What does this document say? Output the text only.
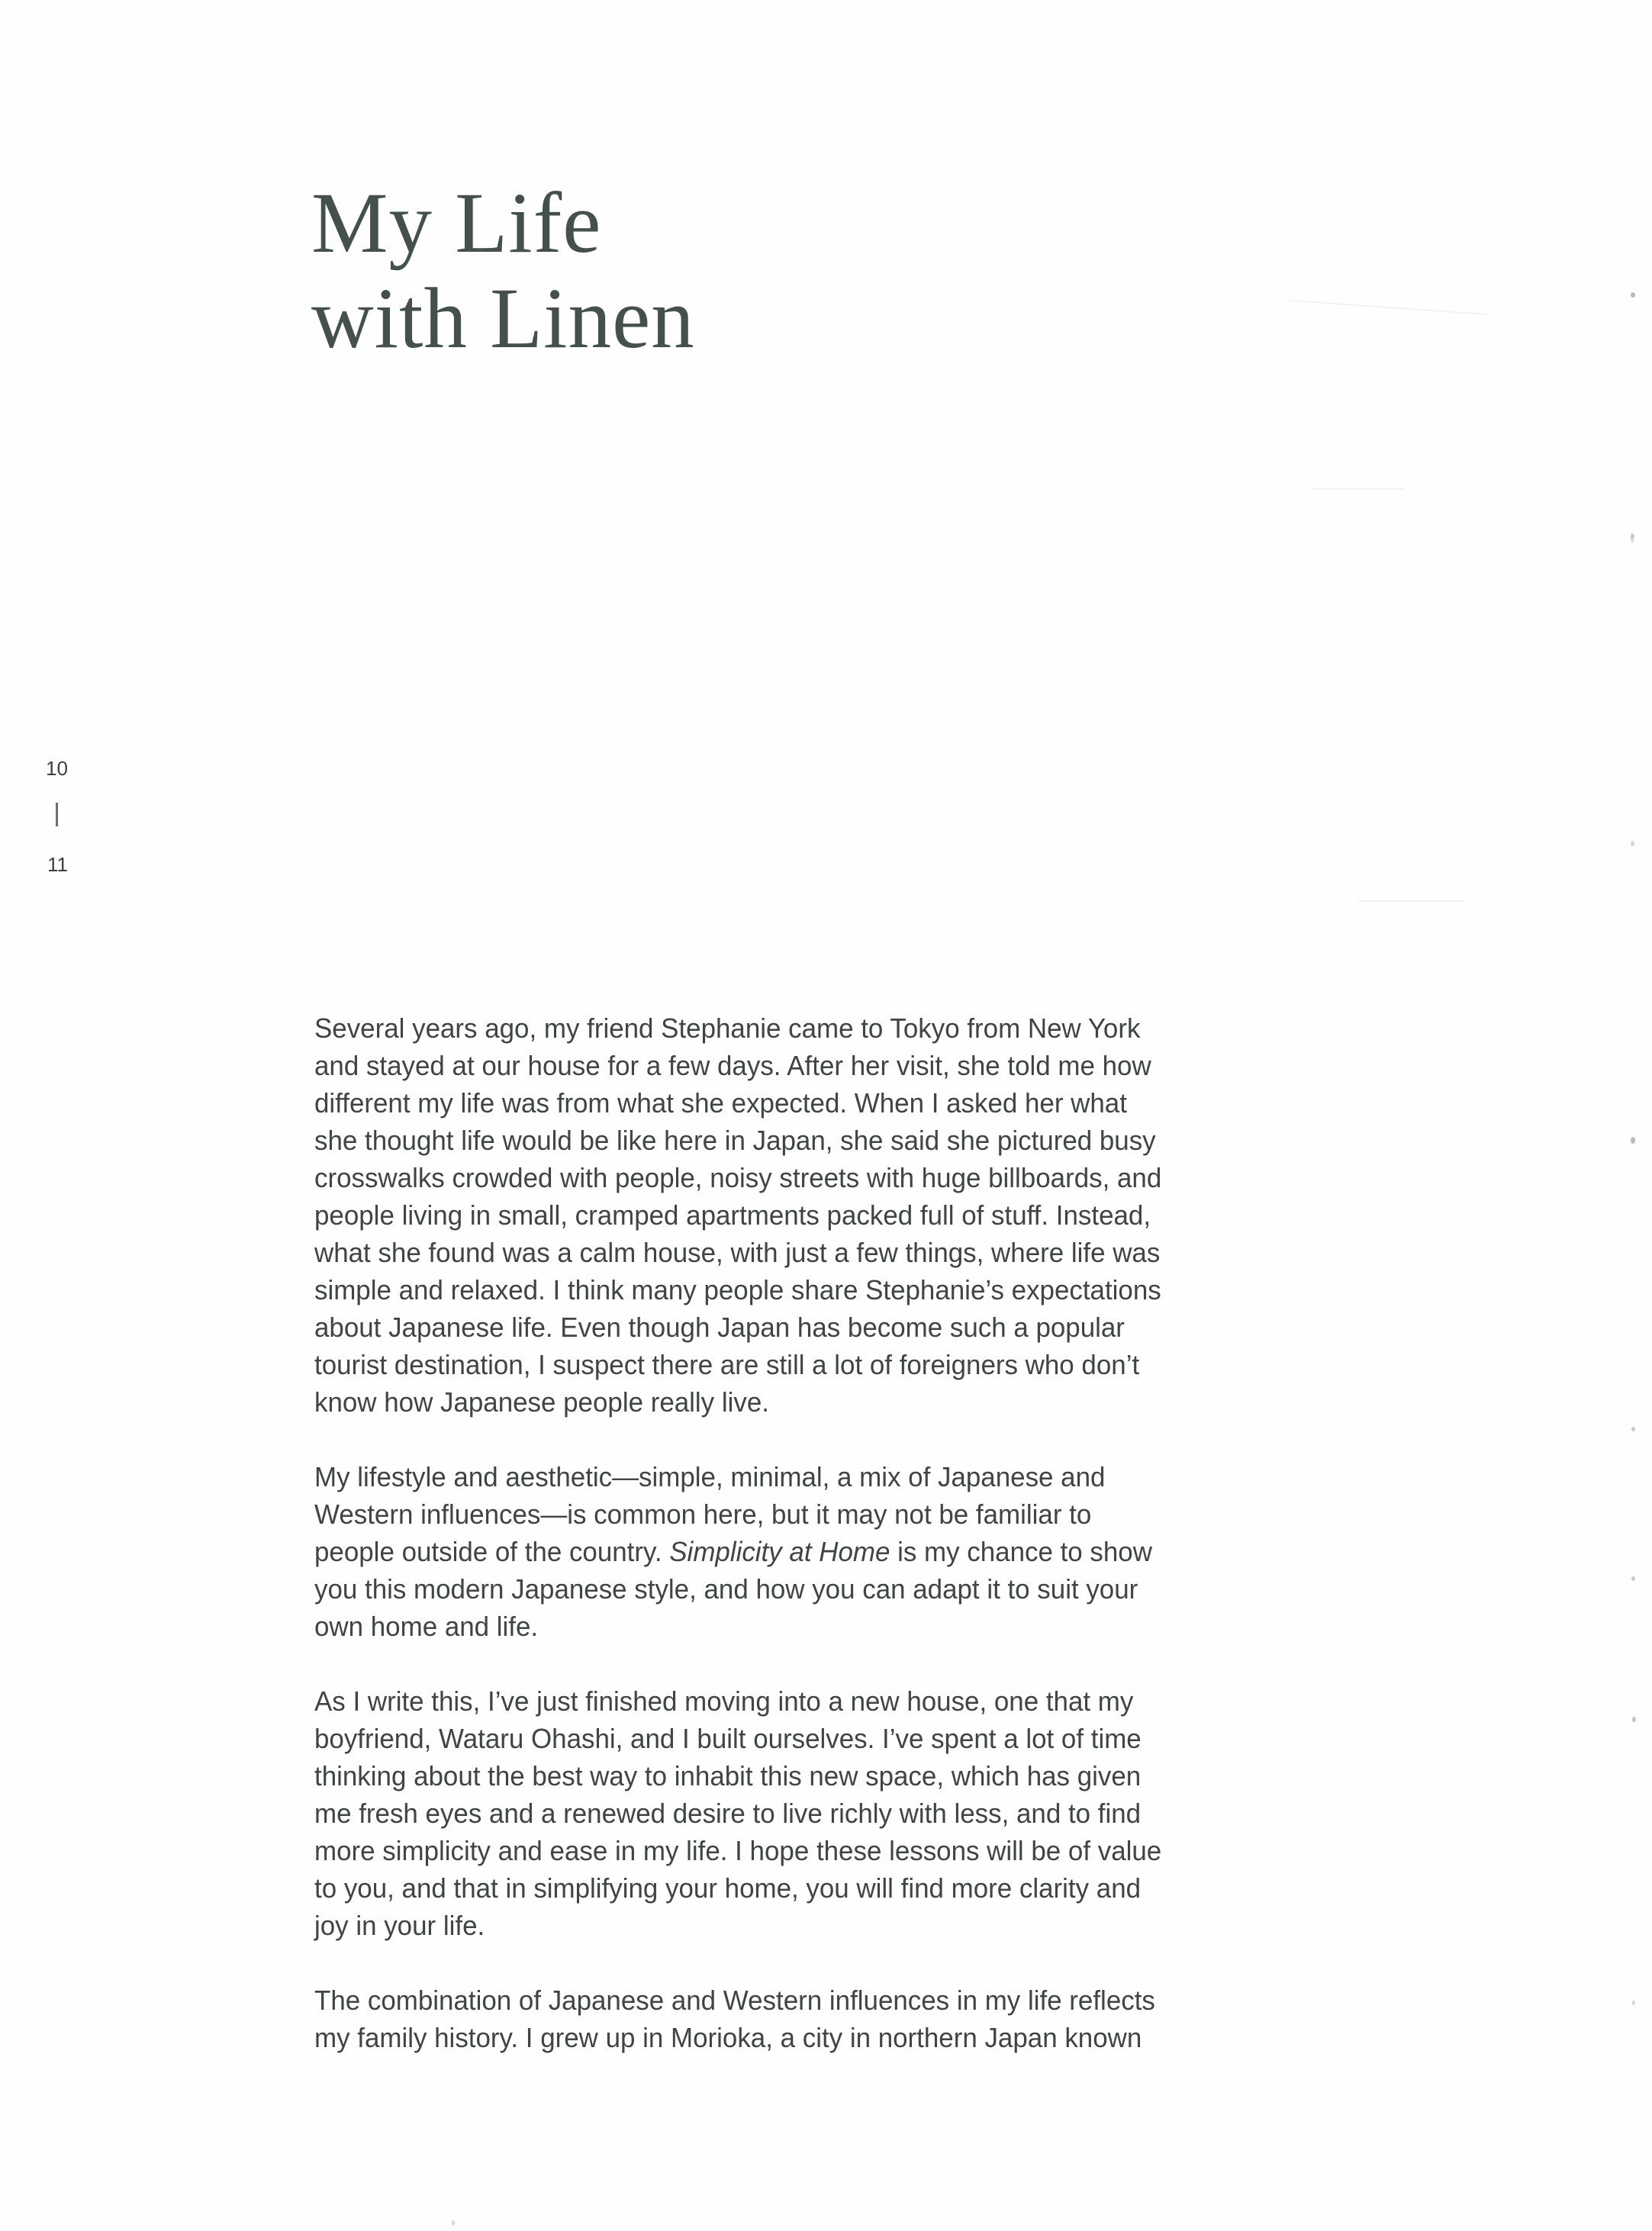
My Life
with Linen
10
11
Several years ago, my friend Stephanie came to Tokyo from New York
and stayed at our house for a few days. After her visit, she told me how
different my life was from what she expected. When I asked her what
she thought life would be like here in Japan, she said she pictured busy
crosswalks crowded with people, noisy streets with huge billboards, and
people living in small, cramped apartments packed full of stuff. Instead,
what she found was a calm house, with just a few things, where life was
simple and relaxed. I think many people share Stephanie’s expectations
about Japanese life. Even though Japan has become such a popular
tourist destination, I suspect there are still a lot of foreigners who don’t
know how Japanese people really live.
My lifestyle and aesthetic—simple, minimal, a mix of Japanese and
Western influences—is common here, but it may not be familiar to
people outside of the country. Simplicity at Home is my chance to show
you this modern Japanese style, and how you can adapt it to suit your
own home and life.
As I write this, I’ve just finished moving into a new house, one that my
boyfriend, Wataru Ohashi, and I built ourselves. I’ve spent a lot of time
thinking about the best way to inhabit this new space, which has given
me fresh eyes and a renewed desire to live richly with less, and to find
more simplicity and ease in my life. I hope these lessons will be of value
to you, and that in simplifying your home, you will find more clarity and
joy in your life.
The combination of Japanese and Western influences in my life reflects
my family history. I grew up in Morioka, a city in northern Japan known
